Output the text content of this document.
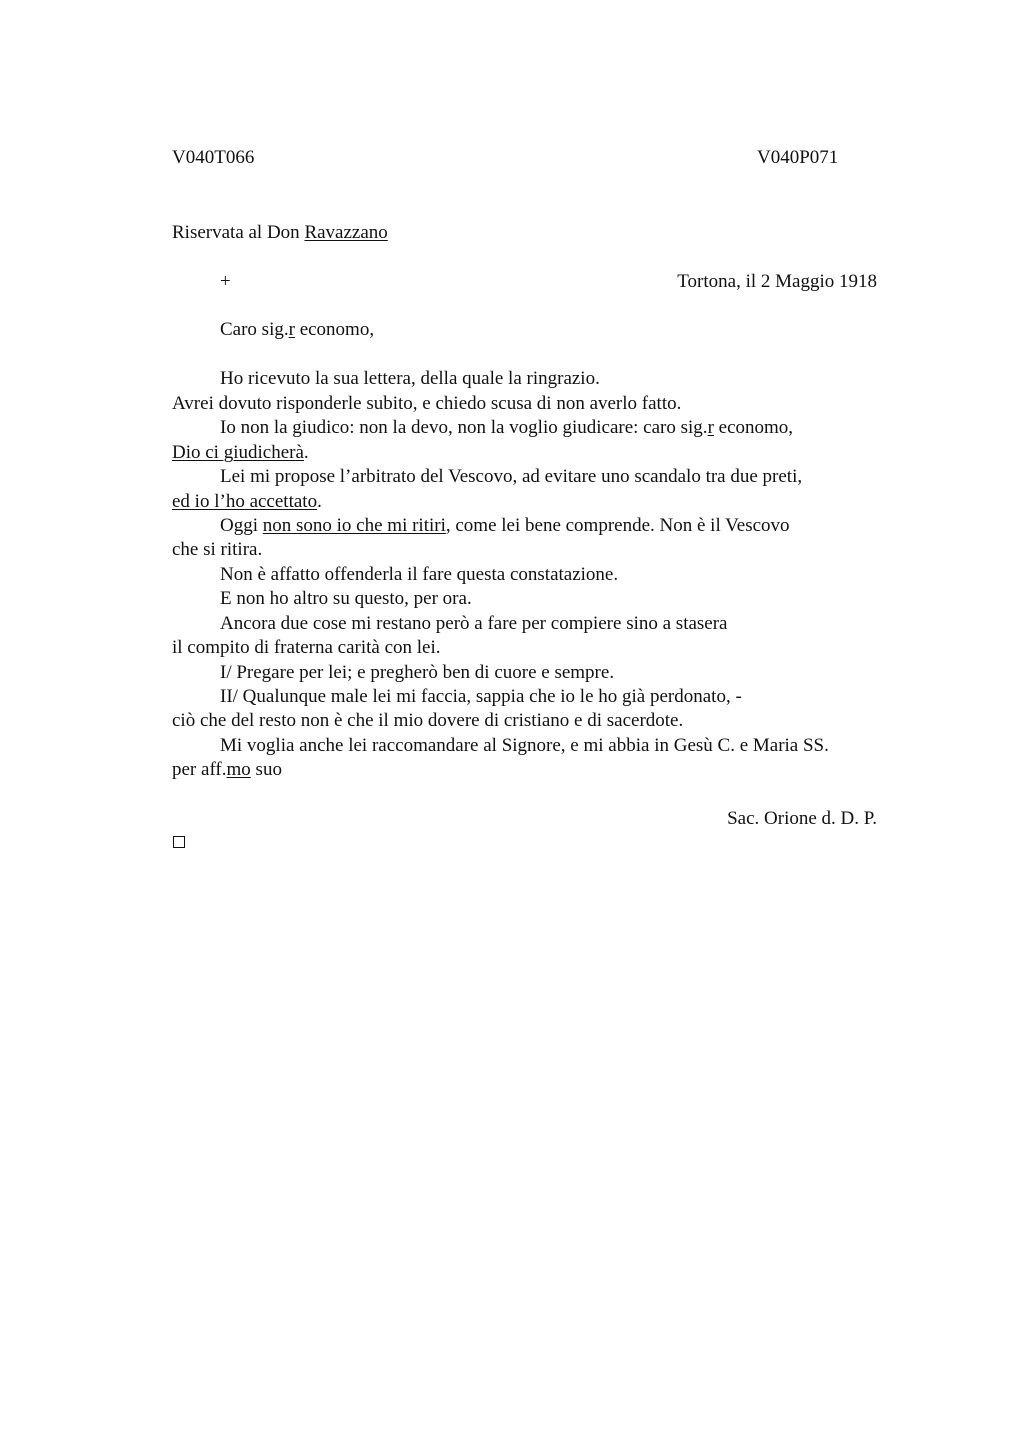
V040T066	V040P071
Riservata al Don Ravazzano
+	Tortona, il 2 Maggio 1918
Caro sig.r economo,
Ho ricevuto la sua lettera, della quale la ringrazio.
Avrei dovuto risponderle subito, e chiedo scusa di non averlo fatto.
Io non la giudico: non la devo, non la voglio giudicare: caro sig.r economo,
Dio ci giudicherà.
Lei mi propose l’arbitrato del Vescovo, ad evitare uno scandalo tra due preti,
ed io l’ho accettato.
Oggi non sono io che mi ritiri, come lei bene comprende. Non è il Vescovo
che si ritira.
Non è affatto offenderla il fare questa constatazione.
E non ho altro su questo, per ora.
Ancora due cose mi restano però a fare per compiere sino a stasera
il compito di fraterna carità con lei.
I/ Pregare per lei; e pregherò ben di cuore e sempre.
II/ Qualunque male lei mi faccia, sappia che io le ho già perdonato, -
ciò che del resto non è che il mio dovere di cristiano e di sacerdote.
Mi voglia anche lei raccomandare al Signore, e mi abbia in Gesù C. e Maria SS.
per aff.mo suo
Sac. Orione d. D. P.
